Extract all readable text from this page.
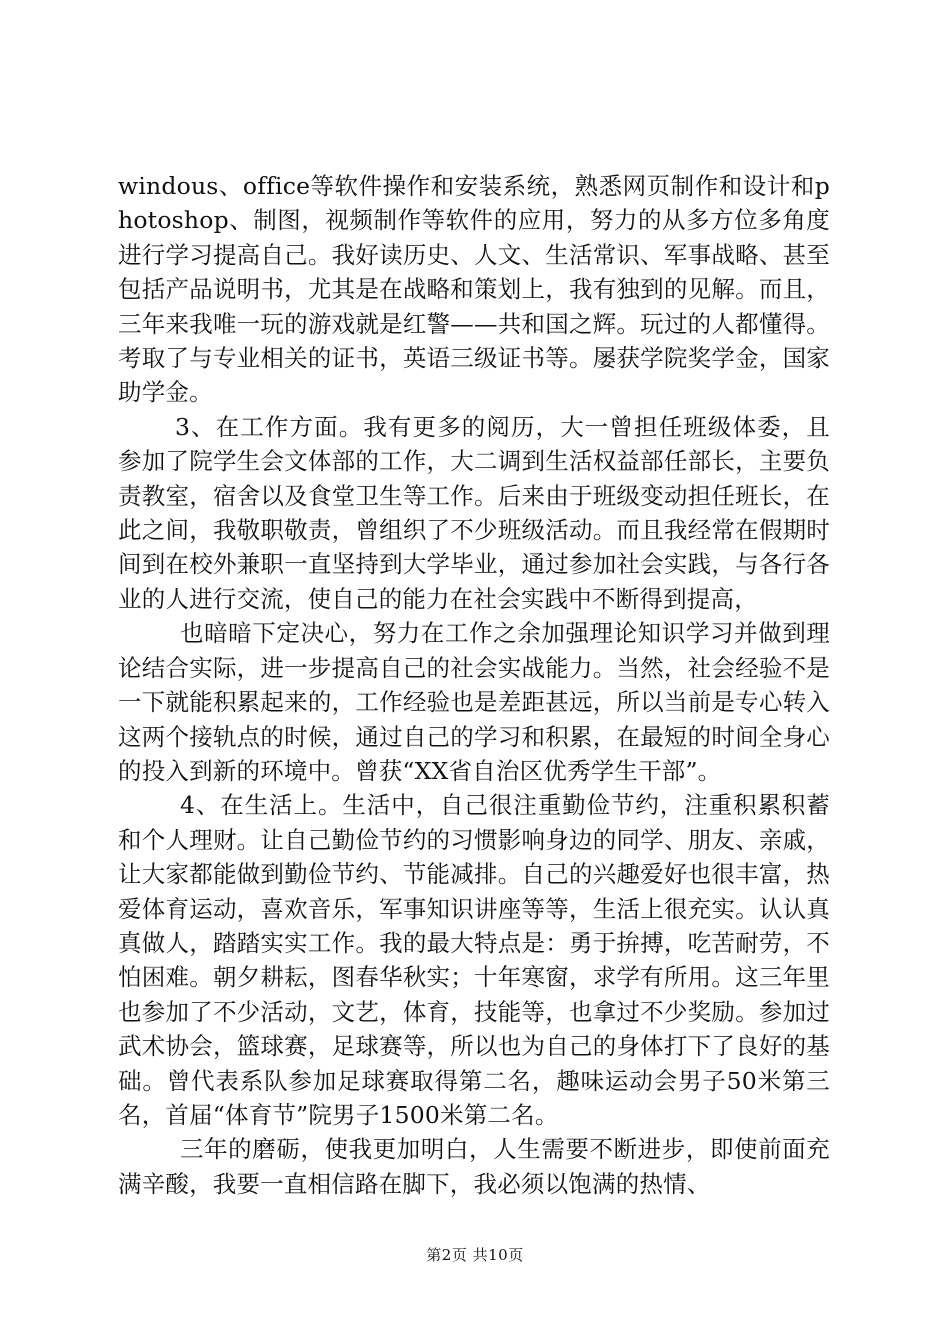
windous、office等软件操作和安装系统，熟悉网页制作和设计和photoshop、制图，视频制作等软件的应用，努力的从多方位多角度进行学习提高自己。我好读历史、人文、生活常识、军事战略、甚至包括产品说明书，尤其是在战略和策划上，我有独到的见解。而且，三年来我唯一玩的游戏就是红警——共和国之辉。玩过的人都懂得。考取了与专业相关的证书，英语三级证书等。屡获学院奖学金，国家助学金。

3、在工作方面。我有更多的阅历，大一曾担任班级体委，且参加了院学生会文体部的工作，大二调到生活权益部任部长，主要负责教室，宿舍以及食堂卫生等工作。后来由于班级变动担任班长，在此之间，我敬职敬责，曾组织了不少班级活动。而且我经常在假期时间到在校外兼职一直坚持到大学毕业，通过参加社会实践，与各行各业的人进行交流，使自己的能力在社会实践中不断得到提高，

也暗暗下定决心，努力在工作之余加强理论知识学习并做到理论结合实际，进一步提高自己的社会实战能力。当然，社会经验不是一下就能积累起来的，工作经验也是差距甚远，所以当前是专心转入这两个接轨点的时候，通过自己的学习和积累，在最短的时间全身心的投入到新的环境中。曾获“XX省自治区优秀学生干部”。

4、在生活上。生活中，自己很注重勤俭节约，注重积累积蓄和个人理财。让自己勤俭节约的习惯影响身边的同学、朋友、亲戚，让大家都能做到勤俭节约、节能减排。自己的兴趣爱好也很丰富，热爱体育运动，喜欢音乐，军事知识讲座等等，生活上很充实。认认真真做人，踏踏实实工作。我的最大特点是：勇于拚搏，吃苦耐劳，不怕困难。朝夕耕耘，图春华秋实；十年寒窗，求学有所用。这三年里也参加了不少活动，文艺，体育，技能等，也拿过不少奖励。参加过武术协会，篮球赛，足球赛等，所以也为自己的身体打下了良好的基础。曾代表系队参加足球赛取得第二名，趣味运动会男子50米第三名，首届“体育节”院男子1500米第二名。

三年的磨砺，使我更加明白，人生需要不断进步，即使前面充满辛酸，我要一直相信路在脚下，我必须以饱满的热情、

第2页 共10页
